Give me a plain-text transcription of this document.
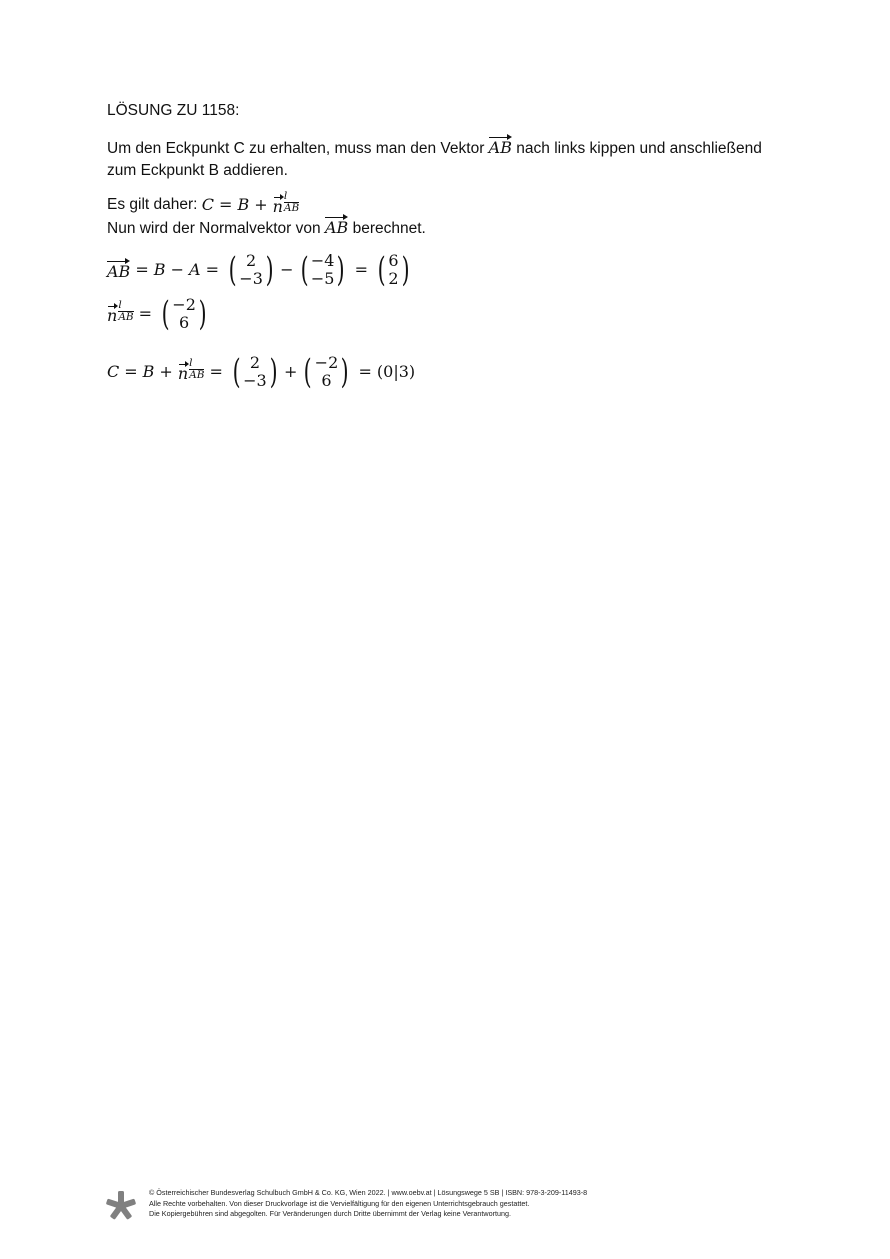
LÖSUNG ZU 1158:

Um den Eckpunkt C zu erhalten, muss man den Vektor AB nach links kippen und anschließend zum Eckpunkt B addieren.

Es gilt daher:
C = B + n
l
AB

Nun wird der Normalvektor von AB berechnet.

AB = B − A = ( 2
−3 ) − ( −4
−5 ) = ( 6
2 )
n
l
AB = ( −2
6 )
C = B + n
l
AB = ( 2
−3 ) + ( −2
6 ) = (0|3)
© Österreichischer Bundesverlag Schulbuch GmbH & Co. KG, Wien 2022. | www.oebv.at | Lösungswege 5 SB | ISBN: 978-3-209-11493-8
Alle Rechte vorbehalten. Von dieser Druckvorlage ist die Vervielfältigung für den eigenen Unterrichtsgebrauch gestattet.
Die Kopiergebühren sind abgegolten. Für Veränderungen durch Dritte übernimmt der Verlag keine Verantwortung.
